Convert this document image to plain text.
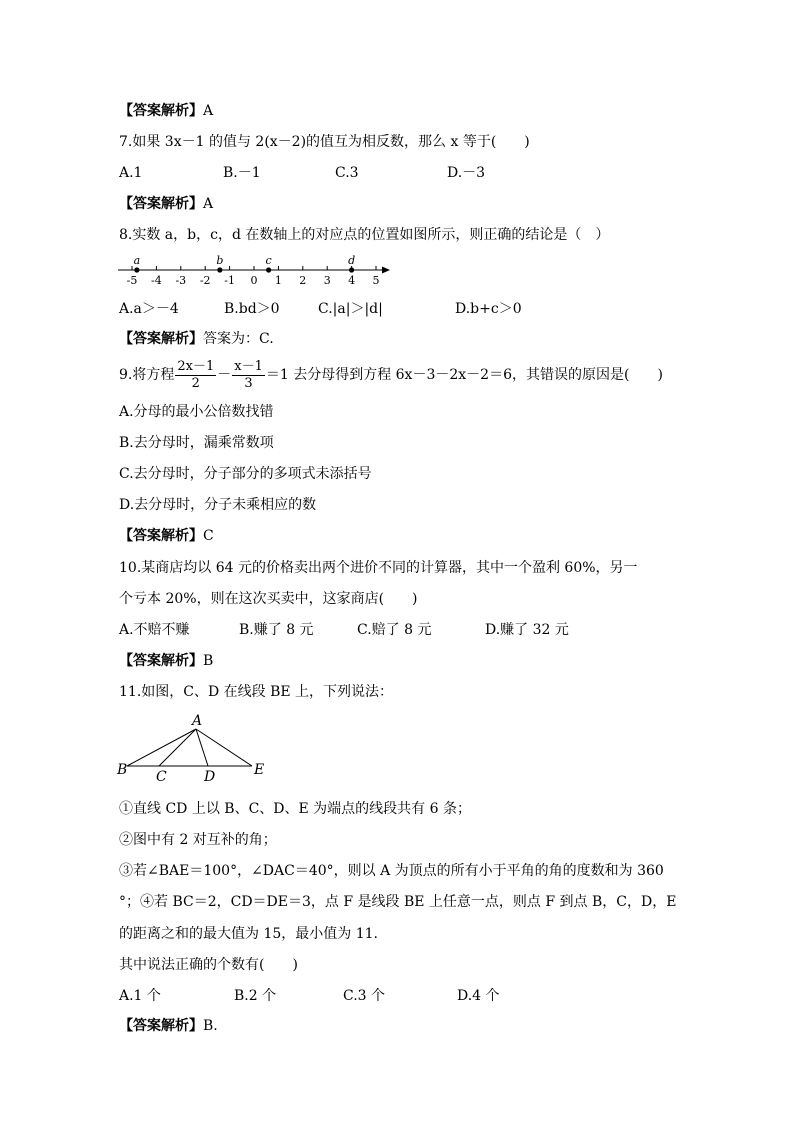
【答案解析】A
7.如果 3x－1 的值与 2(x－2)的值互为相反数，那么 x 等于(　　)
A.1	B.－1	C.3	D.－3
【答案解析】A
8.实数 a，b，c，d 在数轴上的对应点的位置如图所示，则正确的结论是（　）
-5 -4 -3 -2 -1 0 1 2 3 4 5
a	b	c	d
A.a＞－4	B.bd＞0	C.|a|＞|d|	D.b+c＞0
【答案解析】答案为：C.
9.将方程 $\frac{2x-1}{2} - \frac{x-1}{3} =1$ 去分母得到方程 6x－3－2x－2＝6，其错误的原因是(　　)
A.分母的最小公倍数找错
B.去分母时，漏乘常数项
C.去分母时，分子部分的多项式未添括号
D.去分母时，分子未乘相应的数
【答案解析】C
10.某商店均以 64 元的价格卖出两个进价不同的计算器，其中一个盈利 60%，另一
个亏本 20%，则在这次买卖中，这家商店(　　)
A.不赔不赚	B.赚了 8 元	C.赔了 8 元	D.赚了 32 元
【答案解析】B
11.如图，C、D 在线段 BE 上，下列说法：
A
B C	D	E
①直线 CD 上以 B、C、D、E 为端点的线段共有 6 条；
②图中有 2 对互补的角；
③若∠BAE＝100°，∠DAC＝40°，则以 A 为顶点的所有小于平角的角的度数和为 360
°；④若 BC＝2，CD＝DE＝3，点 F 是线段 BE 上任意一点，则点 F 到点 B，C，D，E
的距离之和的最大值为 15，最小值为 11.
其中说法正确的个数有(　　)
A.1 个	B.2 个	C.3 个	D.4 个
【答案解析】B.
